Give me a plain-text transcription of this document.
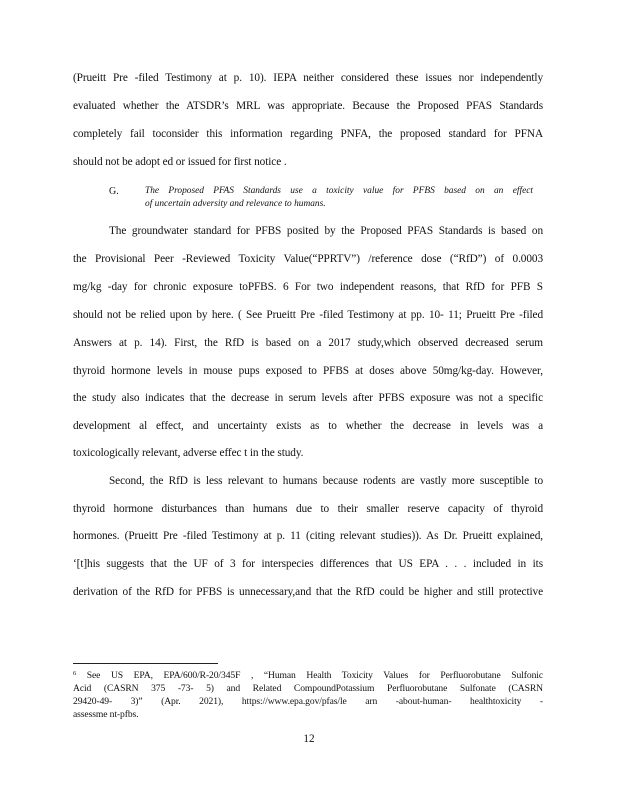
(Prueitt Pre -filed Testimony at p. 10). IEPA neither considered these issues nor independently
evaluated whether the ATSDR’s MRL was appropriate. Because the Proposed PFAS Standards
completely fail toconsider this information regarding PNFA, the proposed standard for PFNA
should not be adopt ed or issued for first notice .
G.	The Proposed PFAS Standards use a toxicity value for PFBS based on an effect
of uncertain adversity and relevance to humans.
The groundwater standard for PFBS posited by the Proposed PFAS Standards is based on
the Provisional Peer -Reviewed Toxicity Value(“PPRTV”) /reference dose (“RfD”) of 0.0003
mg/kg -day for chronic exposure toPFBS. 6 For two independent reasons, that RfD for PFB S
should not be relied upon by here. ( See Prueitt Pre -filed Testimony at pp. 10- 11; Prueitt Pre -filed
Answers at p. 14). First, the RfD is based on a 2017 study,which observed decreased serum
thyroid hormone levels in mouse pups exposed to PFBS at doses above 50mg/kg-day. However,
the study also indicates that the decrease in serum levels after PFBS exposure was not a specific
development al effect, and uncertainty exists as to whether the decrease in levels was a
toxicologically relevant, adverse effec t in the study.
Second, the RfD is less relevant to humans because rodents are vastly more susceptible to
thyroid hormone disturbances than humans due to their smaller reserve capacity of thyroid
hormones. (Prueitt Pre -filed Testimony at p. 11 (citing relevant studies)). As Dr. Prueitt explained,
‘[t]his suggests that the UF of 3 for interspecies differences that US EPA . . . included in its
derivation of the RfD for PFBS is unnecessary,and that the RfD could be higher and still protective
$^6$ See US EPA, EPA/600/R-20/345F , “Human Health Toxicity Values for Perfluorobutane Sulfonic
Acid (CASRN 375 -73- 5) and Related CompoundPotassium Perfluorobutane Sulfonate (CASRN
29420-49- 3)” (Apr. 2021), https://www.epa.gov/pfas/le arn -about-human- healthtoxicity -
assessme nt-pfbs.
12
